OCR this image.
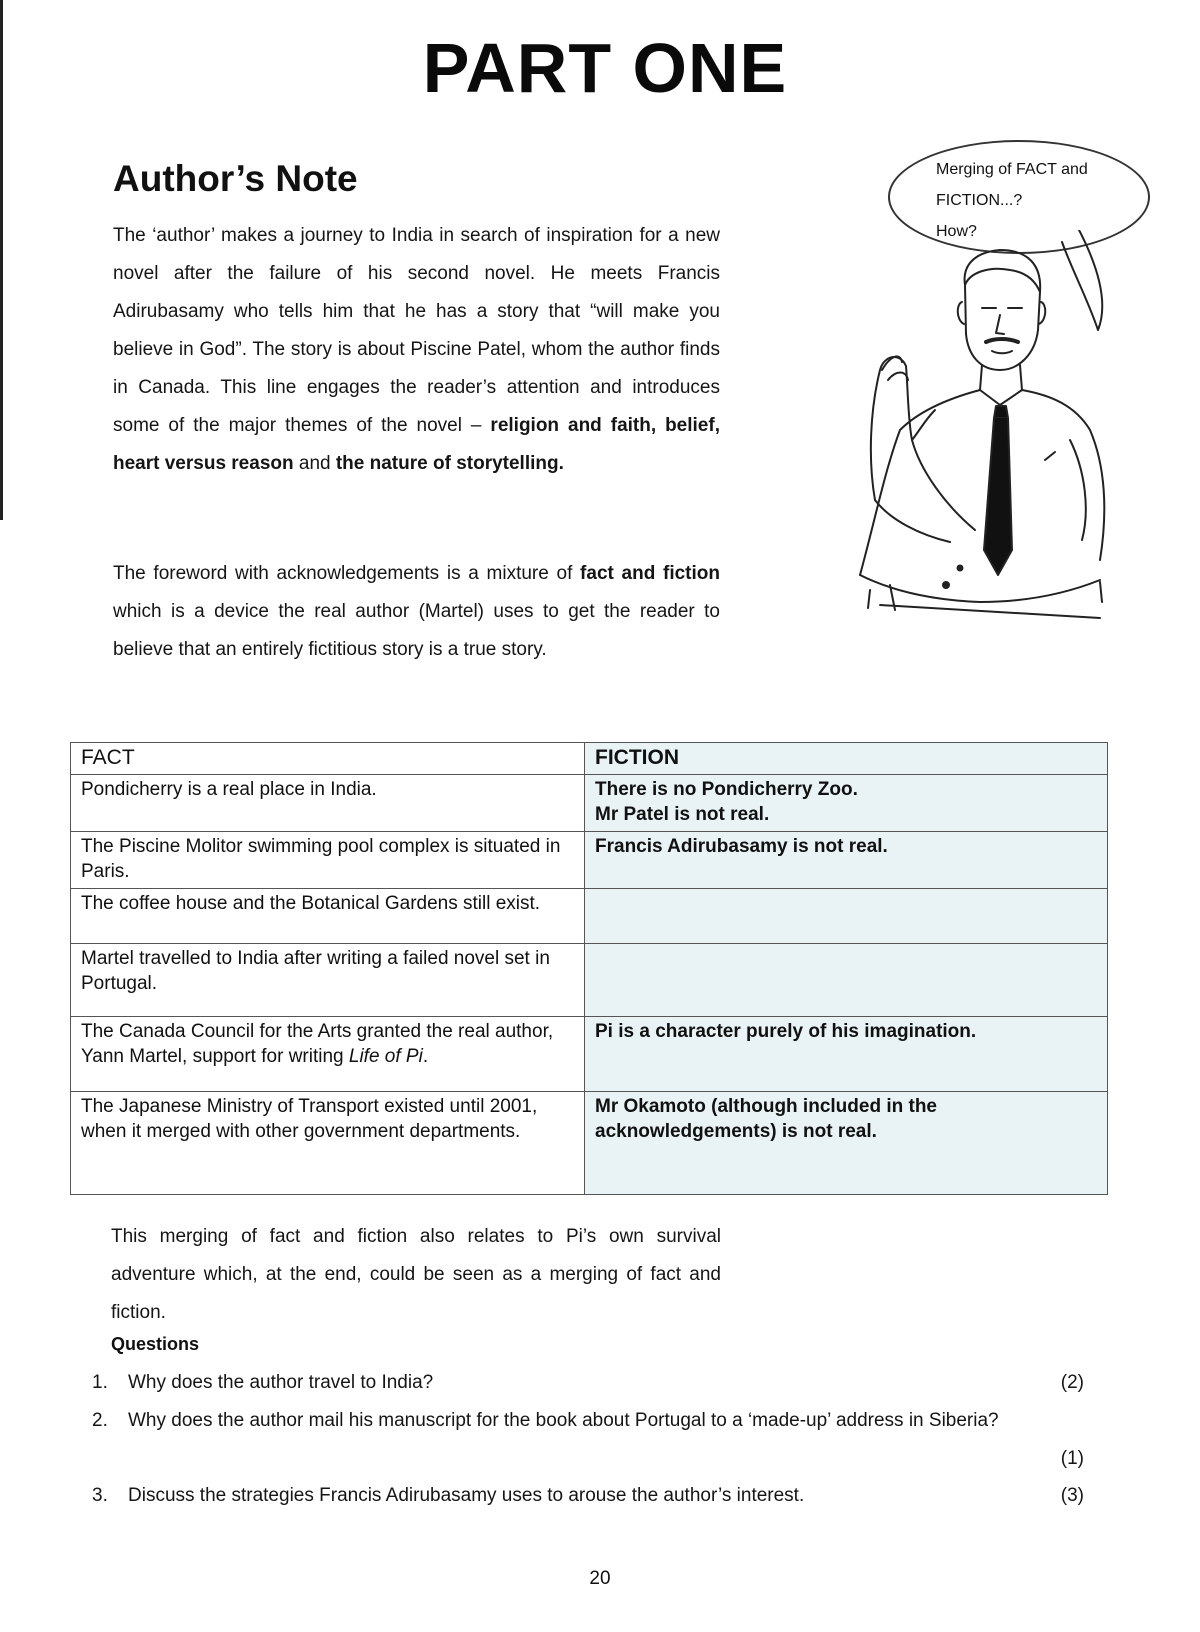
PART ONE
Author’s Note
The ‘author’ makes a journey to India in search of inspiration for a new novel after the failure of his second novel. He meets Francis Adirubasamy who tells him that he has a story that “will make you believe in God”. The story is about Piscine Patel, whom the author finds in Canada. This line engages the reader’s attention and introduces some of the major themes of the novel – religion and faith, belief, heart versus reason and the nature of storytelling.
The foreword with acknowledgements is a mixture of fact and fiction which is a device the real author (Martel) uses to get the reader to believe that an entirely fictitious story is a true story.
Merging of FACT and
FICTION...?
How?
FACT	FICTION
Pondicherry is a real place in India.	There is no Pondicherry Zoo.
Mr Patel is not real.

The Piscine Molitor swimming pool complex is situated in Paris.	Francis Adirubasamy is not real.
The coffee house and the Botanical Gardens still exist.	
Martel travelled to India after writing a failed novel set in Portugal.	
The Canada Council for the Arts granted the real author, Yann Martel, support for writing Life of Pi.	Pi is a character purely of his imagination.
The Japanese Ministry of Transport existed until 2001, when it merged with other government departments.	Mr Okamoto (although included in the acknowledgements) is not real.
This merging of fact and fiction also relates to Pi’s own survival adventure which, at the end, could be seen as a merging of fact and fiction.
Questions
1.	Why does the author travel to India?	(2)
2.	Why does the author mail his manuscript for the book about Portugal to a ‘made-up’ address in Siberia?
(1)
3.	Discuss the strategies Francis Adirubasamy uses to arouse the author’s interest.	(3)
20
